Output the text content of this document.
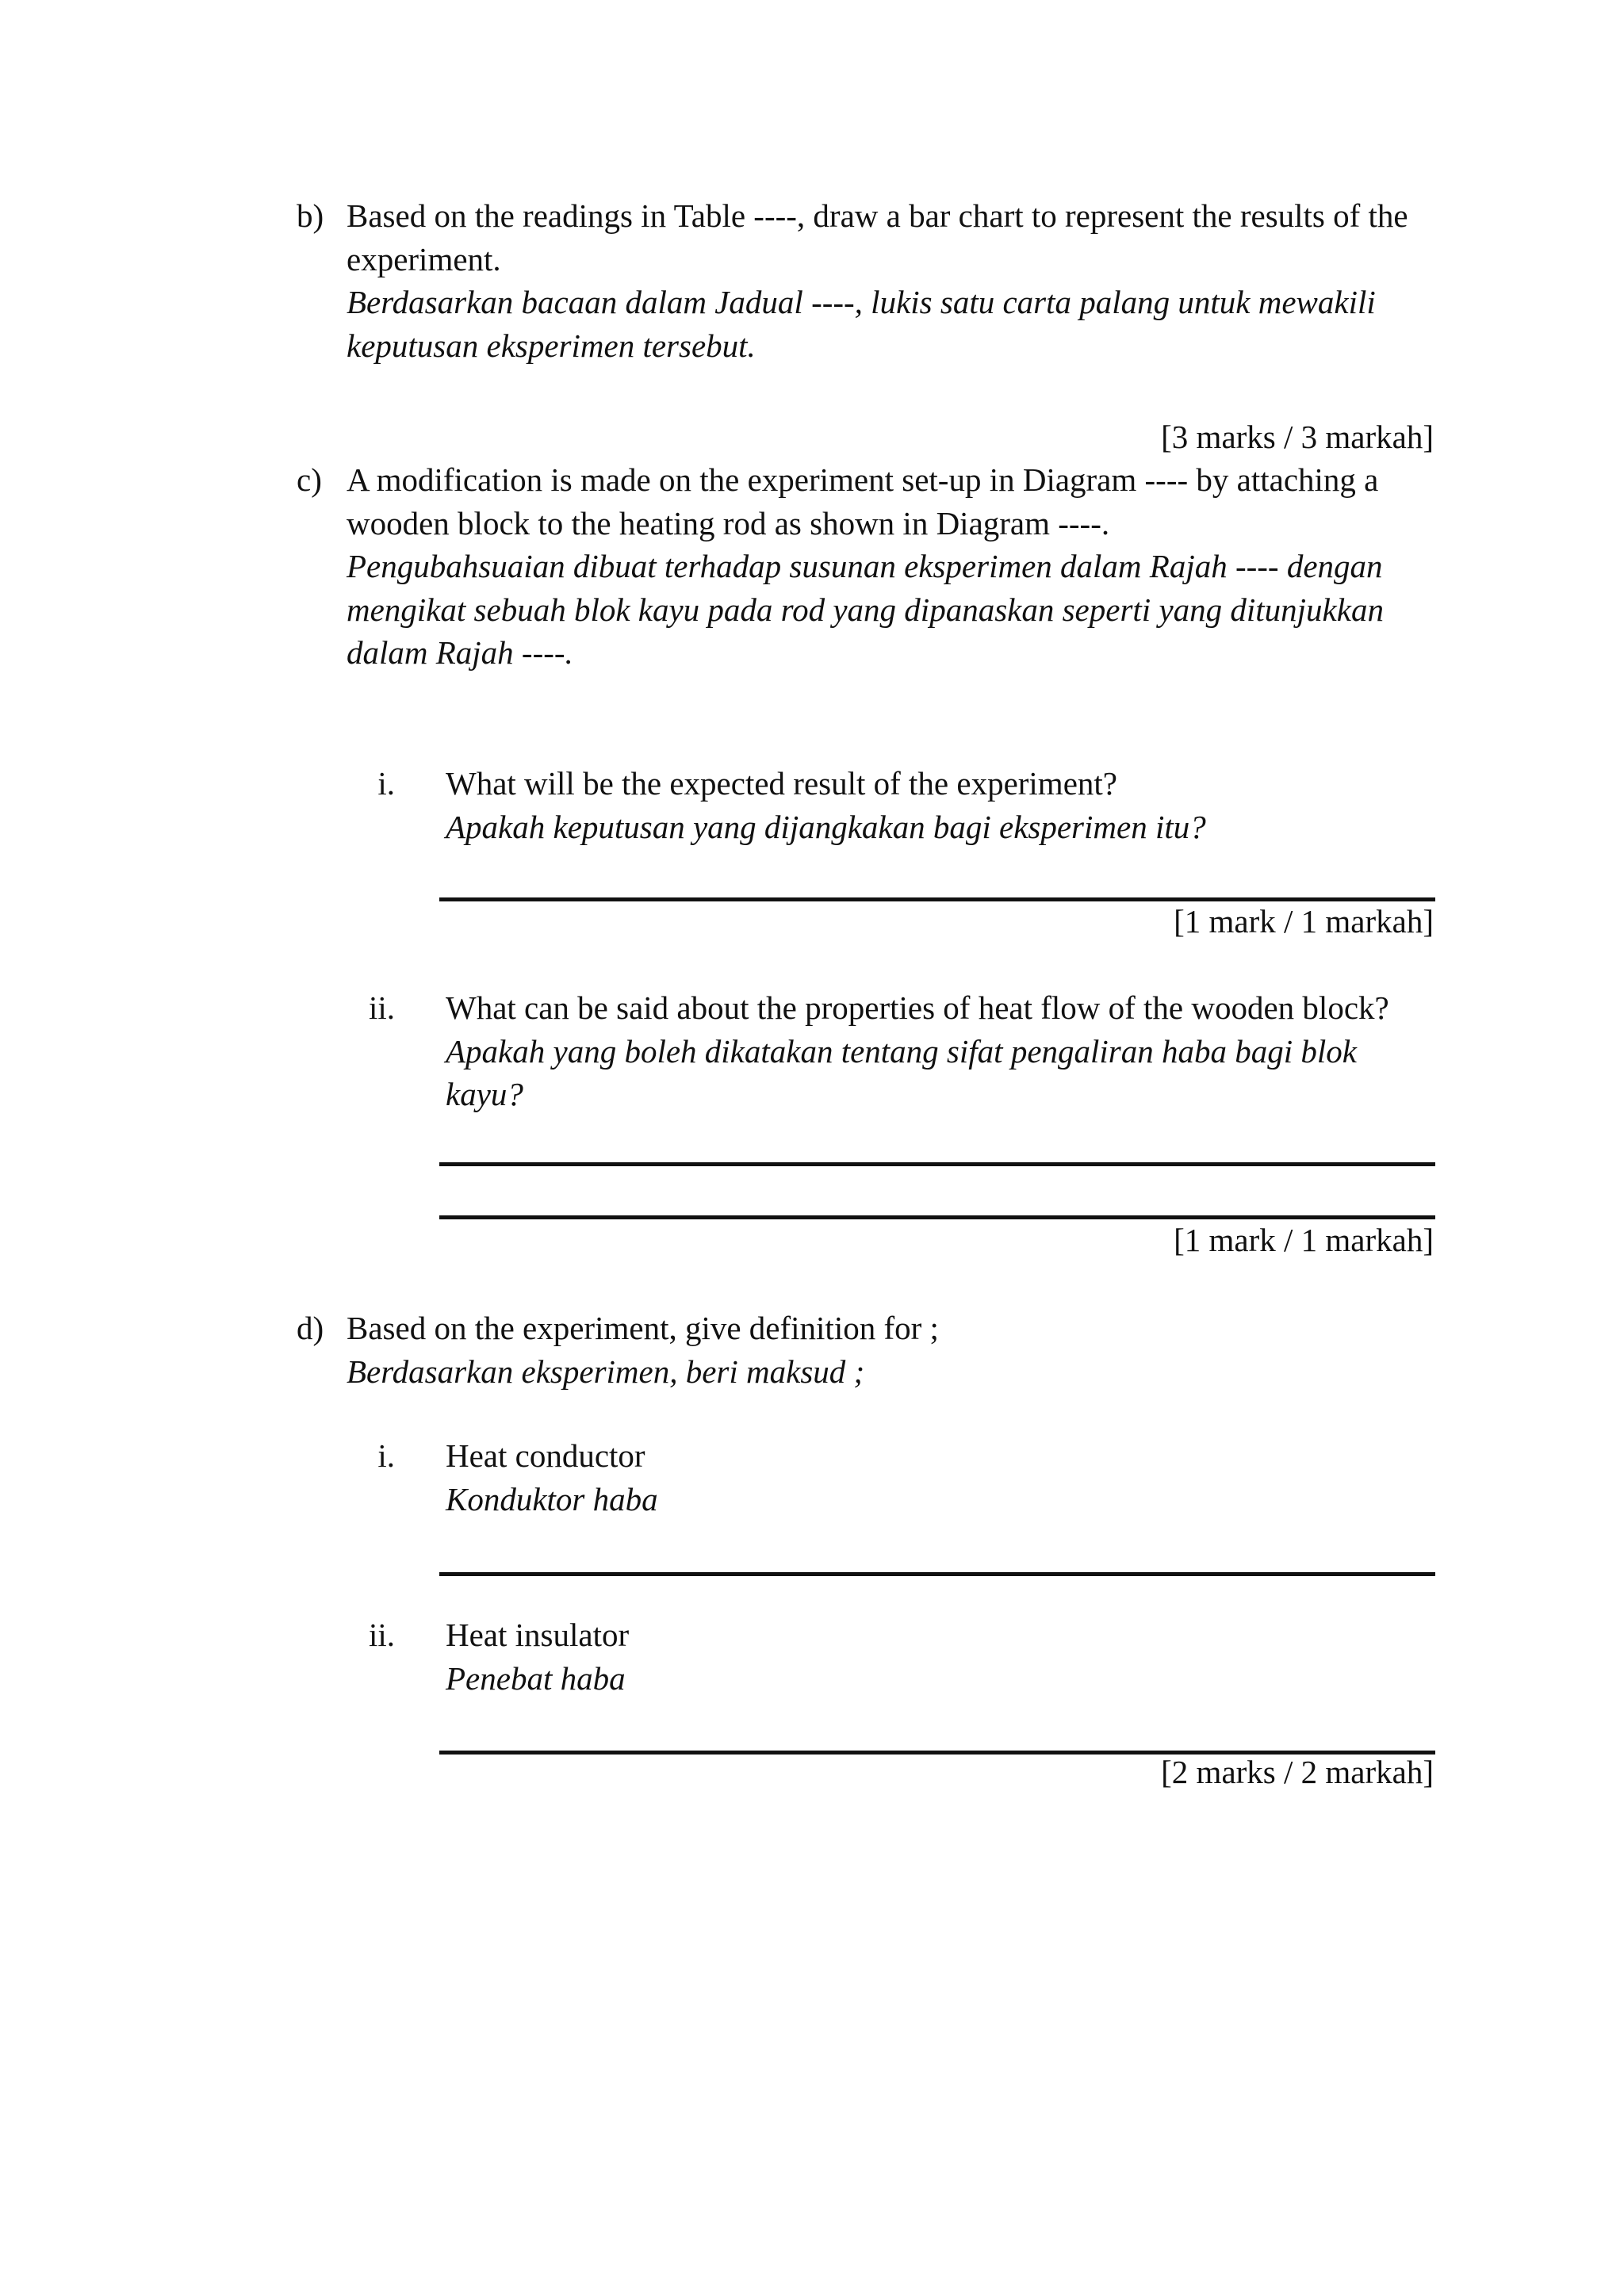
b) Based on the readings in Table ----, draw a bar chart to represent the results of the experiment.

Berdasarkan bacaan dalam Jadual ----, lukis satu carta palang untuk mewakili keputusan eksperimen tersebut.

[3 marks / 3 markah]
c) A modification is made on the experiment set-up in Diagram ---- by attaching a wooden block to the heating rod as shown in Diagram ----.

Pengubahsuaian dibuat terhadap susunan eksperimen dalam Rajah ---- dengan mengikat sebuah blok kayu pada rod yang dipanaskan seperti yang ditunjukkan dalam Rajah ----.

i. What will be the expected result of the experiment?

Apakah keputusan yang dijangkakan bagi eksperimen itu?

[1 mark / 1 markah]
ii. What can be said about the properties of heat flow of the wooden block?

Apakah yang boleh dikatakan tentang sifat pengaliran haba bagi blok kayu?

[1 mark / 1 markah]
d) Based on the experiment, give definition for ;

Berdasarkan eksperimen, beri maksud ;

i. Heat conductor

Konduktor haba

ii. Heat insulator

Penebat haba

[2 marks / 2 markah]
